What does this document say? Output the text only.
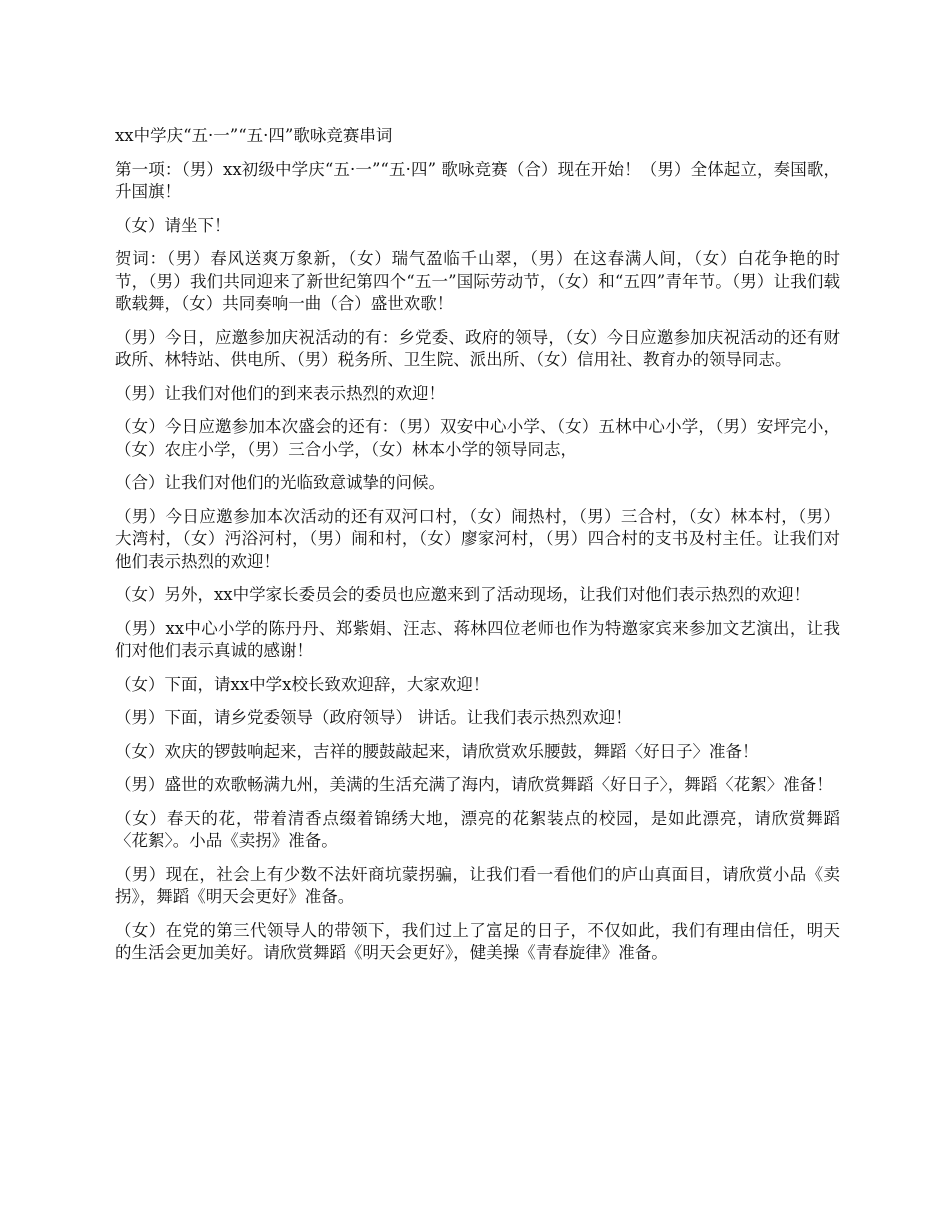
xx中学庆“五·一”“五·四”歌咏竞赛串词
第一项：（男）xx初级中学庆“五·一”“五·四” 歌咏竞赛（合）现在开始！（男）全体起立，奏国歌，升国旗！
（女）请坐下！
贺词：（男）春风送爽万象新，（女）瑞气盈临千山翠，（男）在这春满人间，（女）白花争艳的时节，（男）我们共同迎来了新世纪第四个“五一”国际劳动节，（女）和“五四”青年节。（男）让我们载歌载舞，（女）共同奏响一曲（合）盛世欢歌！
（男）今日，应邀参加庆祝活动的有：乡党委、政府的领导，（女）今日应邀参加庆祝活动的还有财政所、林特站、供电所、（男）税务所、卫生院、派出所、（女）信用社、教育办的领导同志。
（男）让我们对他们的到来表示热烈的欢迎！
（女）今日应邀参加本次盛会的还有：（男）双安中心小学、（女）五林中心小学，（男）安坪完小，（女）农庄小学，（男）三合小学，（女）林本小学的领导同志，
（合）让我们对他们的光临致意诚挚的问候。
（男）今日应邀参加本次活动的还有双河口村，（女）闹热村，（男）三合村，（女）林本村，（男）大湾村，（女）沔浴河村，（男）闹和村，（女）廖家河村，（男）四合村的支书及村主任。让我们对他们表示热烈的欢迎！
（女）另外，xx中学家长委员会的委员也应邀来到了活动现场，让我们对他们表示热烈的欢迎！
（男）xx中心小学的陈丹丹、郑紫娟、汪志、蒋林四位老师也作为特邀家宾来参加文艺演出，让我们对他们表示真诚的感谢！
（女）下面，请xx中学x校长致欢迎辞，大家欢迎！
（男）下面，请乡党委领导（政府领导） 讲话。让我们表示热烈欢迎！
（女）欢庆的锣鼓响起来，吉祥的腰鼓敲起来，请欣赏欢乐腰鼓，舞蹈〈好日子〉准备！
（男）盛世的欢歌畅满九州，美满的生活充满了海内，请欣赏舞蹈〈好日子〉，舞蹈〈花絮〉准备！
（女）春天的花，带着清香点缀着锦绣大地，漂亮的花絮装点的校园，是如此漂亮，请欣赏舞蹈〈花絮〉。小品《卖拐》准备。
（男）现在，社会上有少数不法奸商坑蒙拐骗，让我们看一看他们的庐山真面目，请欣赏小品《卖拐》，舞蹈《明天会更好》准备。
（女）在党的第三代领导人的带领下，我们过上了富足的日子，不仅如此，我们有理由信任，明天的生活会更加美好。请欣赏舞蹈《明天会更好》，健美操《青春旋律》准备。
